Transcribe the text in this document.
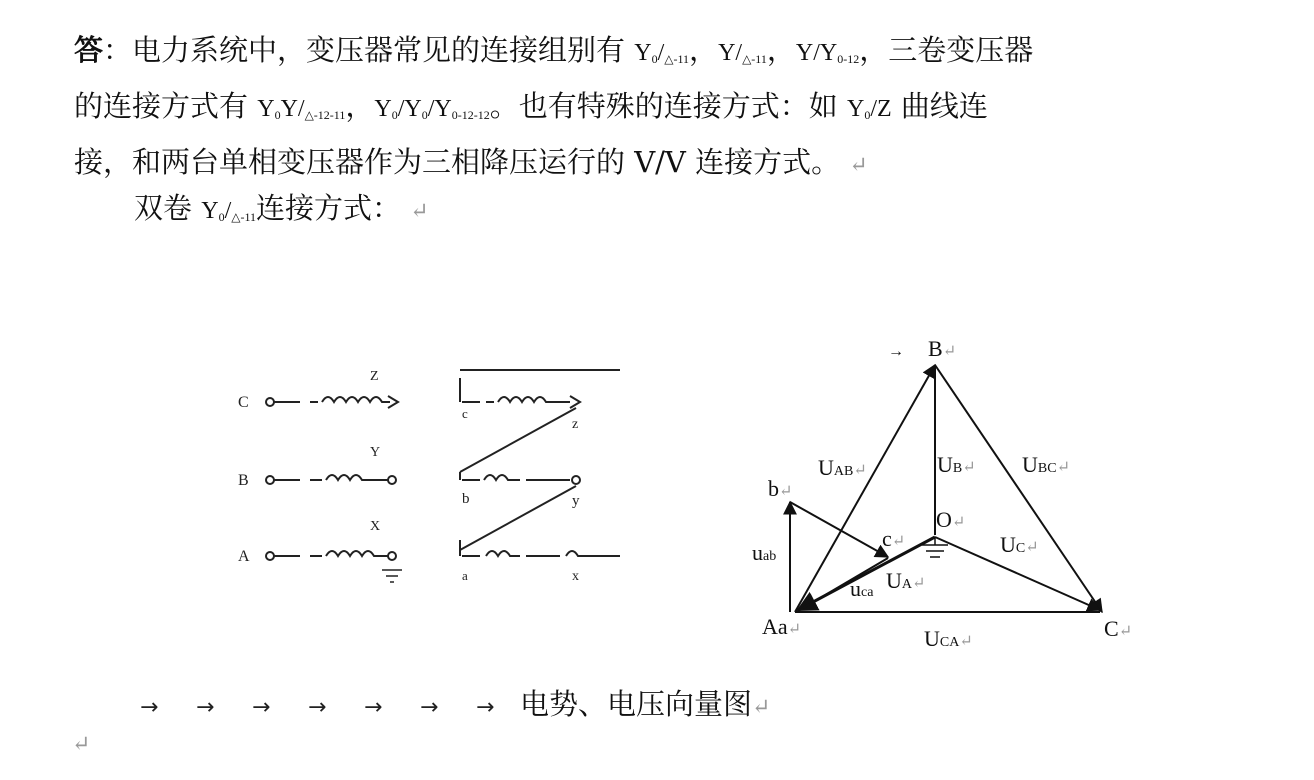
答：电力系统中，变压器常见的连接组别有 Y0/△-11，Y/△-11，Y/Y0-12，三卷变压器
的连接方式有 Y0Y/△-12-11，Y0/Y0/Y0-12-12。也有特殊的连接方式：如 Y0/Z 曲线连
接，和两台单相变压器作为三相降压运行的 V/V 连接方式。 ↵
双卷 Y0/△-11连接方式： ↵
C
Z
B
Y
A
X
c
z
b	y
a	x
→ B↵
UAB↵	UB↵ UBC↵
b↵
O↵
c↵	UC↵
uab
UA↵
uca
Aa↵	UCA↵
C↵
→ → → → → → → 电势、电压向量图↵
↵
